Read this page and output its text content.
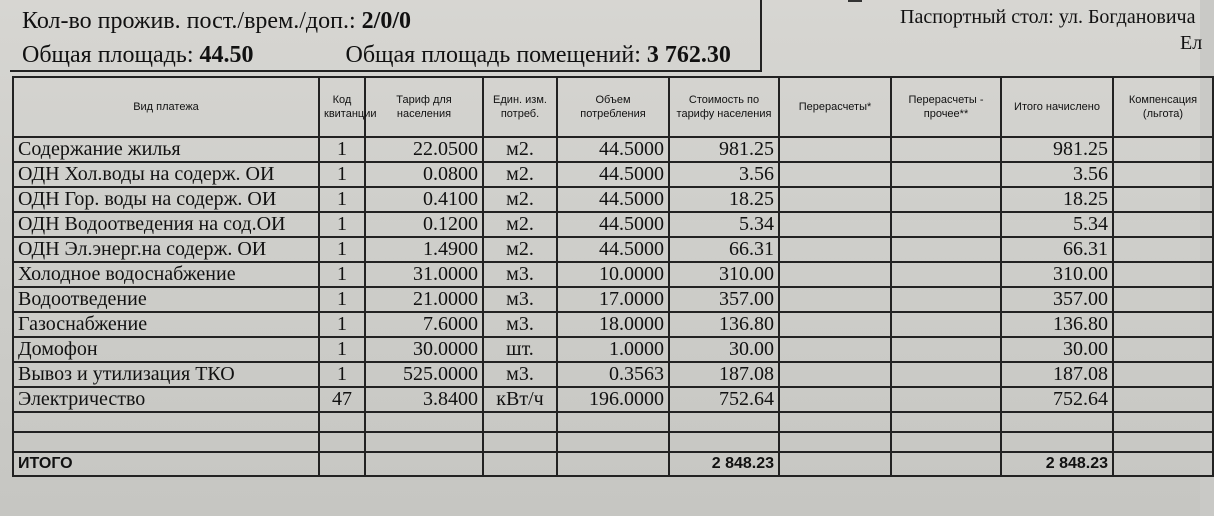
Кол-во прожив. пост./врем./доп.: 2/0/0
Общая площадь: 44.50	Общая площадь помещений: 3 762.30
Паспортный стол: ул. Богдановича
Ел
Вид платежа	Код квитанции	Тариф для населения	Един. изм. потреб.	Объем потребления	Стоимость по тарифу населения	Перерасчеты*	Перерасчеты - прочее**	Итого начислено	Компенсация (льгота)
Содержание жилья	1	22.0500	м2.	44.5000	981.25			981.25	
ОДН Хол.воды на содерж. ОИ	1	0.0800	м2.	44.5000	3.56			3.56	
ОДН Гор. воды на содерж. ОИ	1	0.4100	м2.	44.5000	18.25			18.25	
ОДН Водоотведения на сод.ОИ	1	0.1200	м2.	44.5000	5.34			5.34	
ОДН Эл.энерг.на содерж. ОИ	1	1.4900	м2.	44.5000	66.31			66.31	
Холодное водоснабжение	1	31.0000	м3.	10.0000	310.00			310.00	
Водоотведение	1	21.0000	м3.	17.0000	357.00			357.00	
Газоснабжение	1	7.6000	м3.	18.0000	136.80			136.80	
Домофон	1	30.0000	шт.	1.0000	30.00			30.00	
Вывоз и утилизация ТКО	1	525.0000	м3.	0.3563	187.08			187.08	
Электричество	47	3.8400	кВт/ч	196.0000	752.64			752.64	

ИТОГО					2 848.23			2 848.23	
